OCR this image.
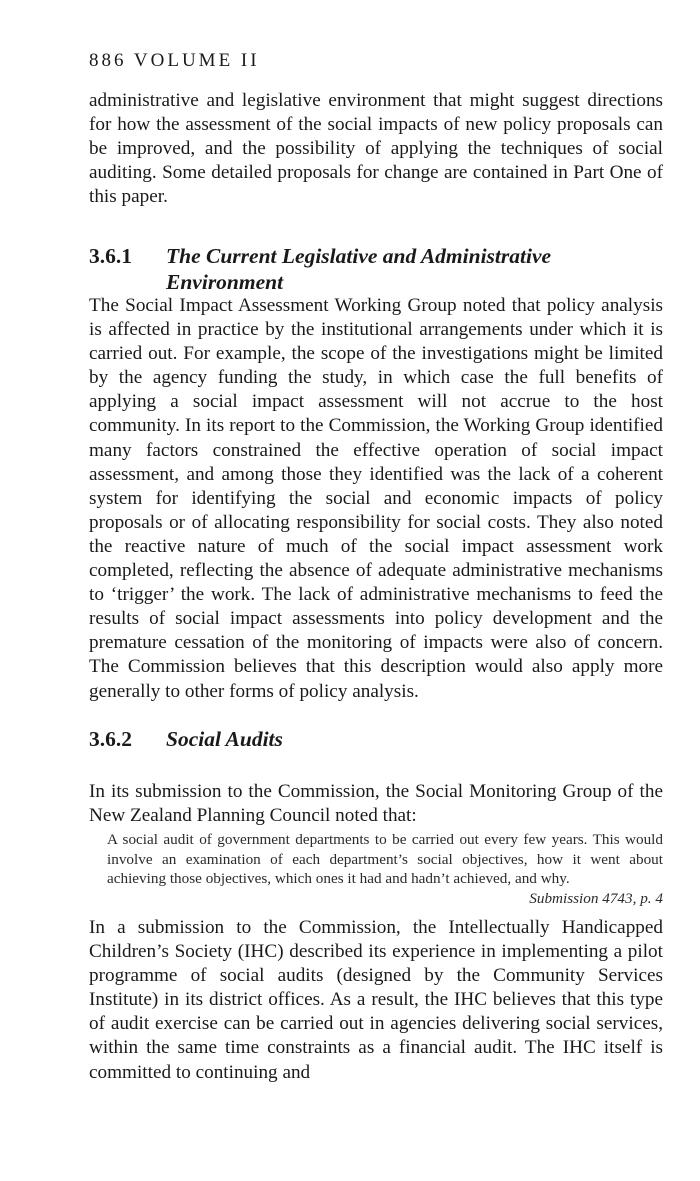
886 VOLUME II

administrative and legislative environment that might suggest directions for how the assessment of the social impacts of new policy proposals can be improved, and the possibility of applying the techniques of social auditing. Some detailed proposals for change are contained in Part One of this paper.

3.6.1 The Current Legislative and Administrative Environment

The Social Impact Assessment Working Group noted that policy analysis is affected in practice by the institutional arrangements under which it is carried out. For example, the scope of the investigations might be limited by the agency funding the study, in which case the full benefits of applying a social impact assessment will not accrue to the host community. In its report to the Commission, the Working Group identified many factors constrained the effective operation of social impact assessment, and among those they identified was the lack of a coherent system for identifying the social and economic impacts of policy proposals or of allocating responsibility for social costs. They also noted the reactive nature of much of the social impact assessment work completed, reflecting the absence of adequate administrative mechanisms to ‘trigger’ the work. The lack of administrative mechanisms to feed the results of social impact assessments into policy development and the premature cessation of the monitoring of impacts were also of concern. The Commission believes that this description would also apply more generally to other forms of policy analysis.

3.6.2 Social Audits

In its submission to the Commission, the Social Monitoring Group of the New Zealand Planning Council noted that:

A social audit of government departments to be carried out every few years. This would involve an examination of each department’s social objectives, how it went about achieving those objectives, which ones it had and hadn’t achieved, and why.
Submission 4743, p. 4

In a submission to the Commission, the Intellectually Handicapped Children’s Society (IHC) described its experience in implementing a pilot programme of social audits (designed by the Community Services Institute) in its district offices. As a result, the IHC believes that this type of audit exercise can be carried out in agencies delivering social services, within the same time constraints as a financial audit. The IHC itself is committed to continuing and
